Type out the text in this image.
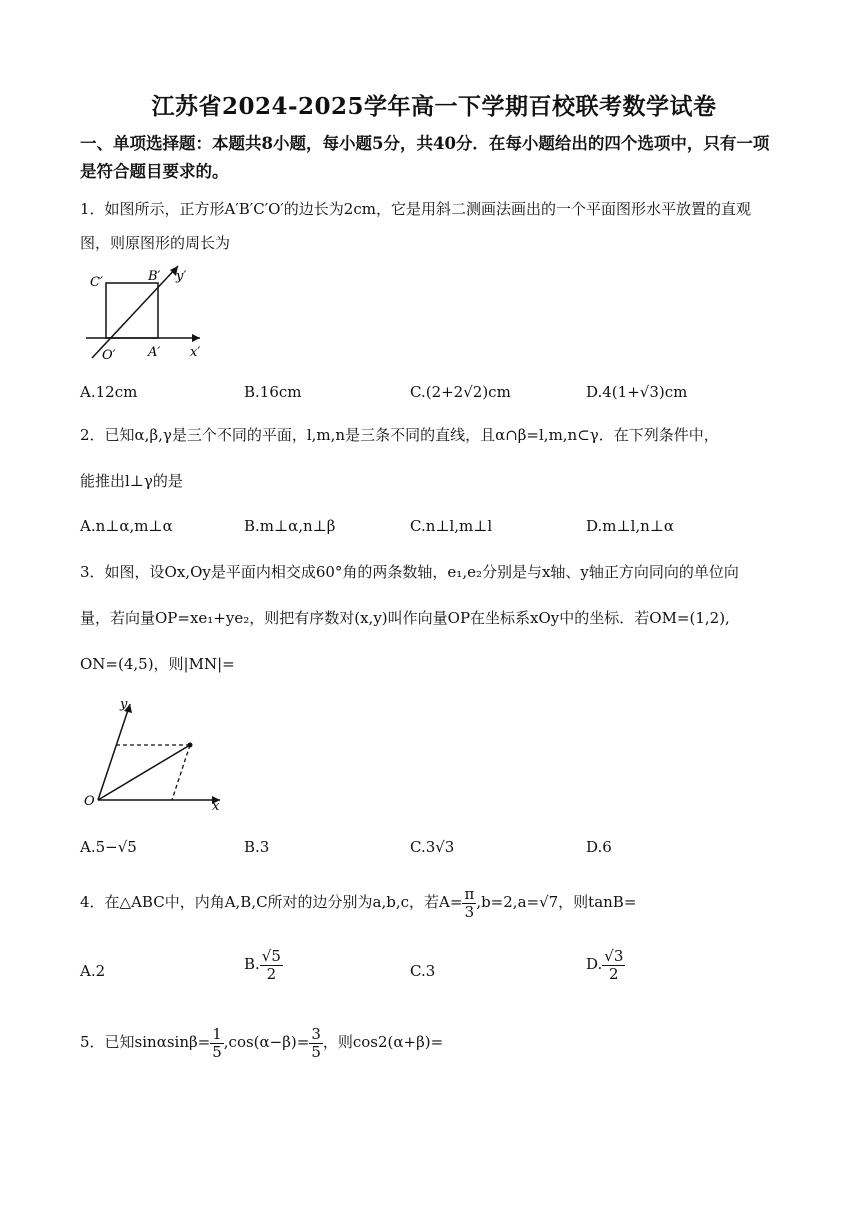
江苏省2024-2025学年高一下学期百校联考数学试卷
一、单项选择题：本题共8小题，每小题5分，共40分．在每小题给出的四个选项中，只有一项是符合题目要求的。
1．如图所示，正方形A′B′C′O′的边长为2cm，它是用斜二测画法画出的一个平面图形水平放置的直观
图，则原图形的周长为
C′	B′ y′
O′ A′ x′
A.12cm	B.16cm	C.(2+2√2)cm	D.4(1+√3)cm
2．已知α,β,γ是三个不同的平面，l,m,n是三条不同的直线，且α∩β=l,m,n⊂γ．在下列条件中，
能推出l⊥γ的是
A.n⊥α,m⊥α	B.m⊥α,n⊥β	C.n⊥l,m⊥l	D.m⊥l,n⊥α
3．如图，设Ox,Oy是平面内相交成60°角的两条数轴，e₁,e₂分别是与x轴、y轴正方向同向的单位向
量，若向量OP=xe₁+ye₂，则把有序数对(x,y)叫作向量OP在坐标系xOy中的坐标．若OM=(1,2),
ON=(4,5)，则|MN|=
y
O	x
A.5−√5	B.3	C.3√3	D.6
4．在△ABC中，内角A,B,C所对的边分别为a,b,c，若$A= \frac{\pi}{3} ,b=2,a=√7$，则tanB=
A.2	B. $\frac{√5}{2}$	C.3	D. $\frac{√3}{2}$
5．已知$\sin\alpha\sin\beta= \frac{1}{5} ,\cos(\alpha-\beta)= \frac{3}{5}$ ，则cos2(α+β)=
